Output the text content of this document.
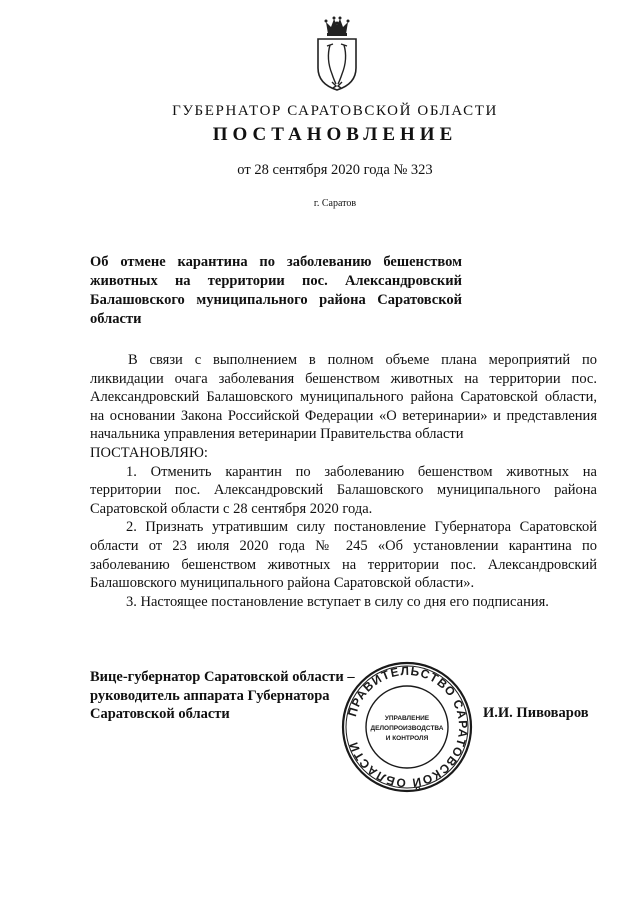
ГУБЕРНАТОР САРАТОВСКОЙ ОБЛАСТИ
ПОСТАНОВЛЕНИЕ
от 28 сентября 2020 года № 323
г. Саратов
Об отмене карантина по заболеванию бешенством животных на территории пос. Александровский Балашовского муниципального района Саратовской области

В связи с выполнением в полном объеме плана мероприятий по ликвидации очага заболевания бешенством животных на территории пос. Александровский Балашовского муниципального района Саратовской области, на основании Закона Российской Федерации «О ветеринарии» и представления начальника управления ветеринарии Правительства области

ПОСТАНОВЛЯЮ:

1. Отменить карантин по заболеванию бешенством животных на территории пос. Александровский Балашовского муниципального района Саратовской области с 28 сентября 2020 года.

2. Признать утратившим силу постановление Губернатора Саратовской области от 23 июля 2020 года № 245 «Об установлении карантина по заболеванию бешенством животных на территории пос. Александровский Балашовского муниципального района Саратовской области».

3. Настоящее постановление вступает в силу со дня его подписания.

Вице-губернатор Саратовской области –
руководитель аппарата Губернатора
Саратовской области	ПРАВИТЕЛЬСТВО САРАТОВСКОЙ ОБЛАСТИ
УПРАВЛЕНИЕ
ДЕЛОПРОИЗВОДСТВА
И КОНТРОЛЯ
И.И. Пивоваров
